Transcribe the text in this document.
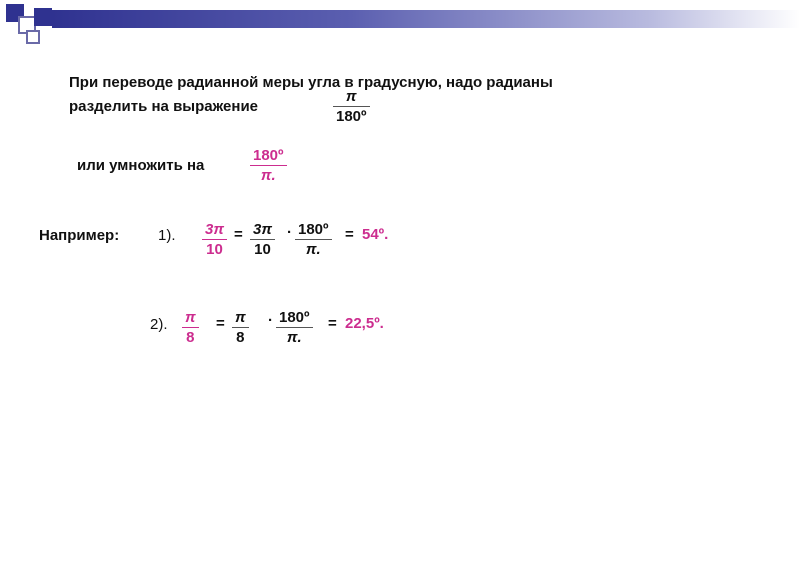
При переводе радианной меры угла в градусную, надо радианы
разделить на выражение
π
180º
или умножить на
180º
π.
Например:	1). 3π
10
= 3π
10
· 180º
π.
= 54º.
2). π
8
= π
8
· 180º
π.
= 22,5º.
